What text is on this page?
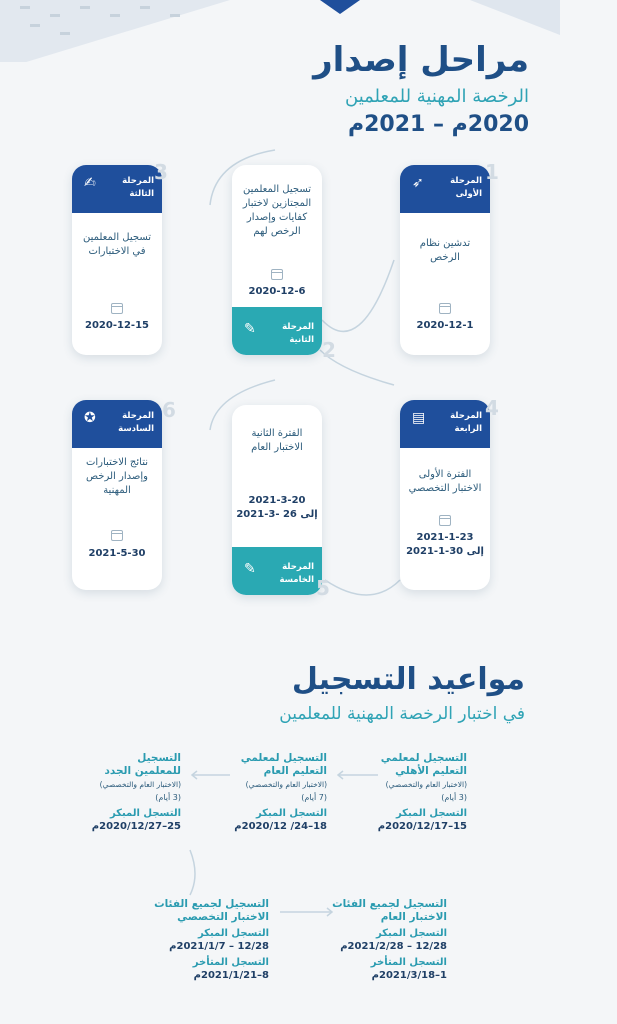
مراحل إصدار
الرخصة المهنية للمعلمين
2020م – 2021م
المرحلة الأولى
➶
تدشين نظام الرخص
2020-12-1
1
تسجيل المعلمين المجتازين لاختبار كفايات وإصدار الرخص لهم
2020-12-6
المرحلة الثانية
✎
2
المرحلة الثالثة
✍
تسجيل المعلمين في الاختبارات
2020-12-15
3
المرحلة الرابعة
▤
الفترة الأولى الاختبار التخصصي
2021-1-23
إلى 30-1-2021
4
الفترة الثانية الاختبار العام
2021-3-20
إلى 26 -3-2021
المرحلة الخامسة
✎
5
المرحلة السادسة
✪
نتائج الاختبارات وإصدار الرخص المهنية
2021-5-30
6
مواعيد التسجيل
في اختبار الرخصة المهنية للمعلمين
التسجيل لمعلمي
التعليم الأهلي
(الاختبار العام والتخصصي)
(3 أيام)
التسجل المبكر
15–2020/12/17م
التسجيل لمعلمي
التعليم العام
(الاختبار العام والتخصصي)
(7 أيام)
التسجل المبكر
18–24/ 2020/12م
التسجيل
للمعلمين الجدد
(الاختبار العام والتخصصي)
(3 أيام)
التسجل المبكر
25–2020/12/27م
التسجيل لجميع الفئات
الاختبار العام
التسجل المبكر
12/28 – 2021/2/28م
التسجل المتأخر
1–2021/3/18م
التسجيل لجميع الفئات
الاختبار التخصصي
التسجل المبكر
12/28 – 2021/1/7م
التسجل المتأخر
8–2021/1/21م
